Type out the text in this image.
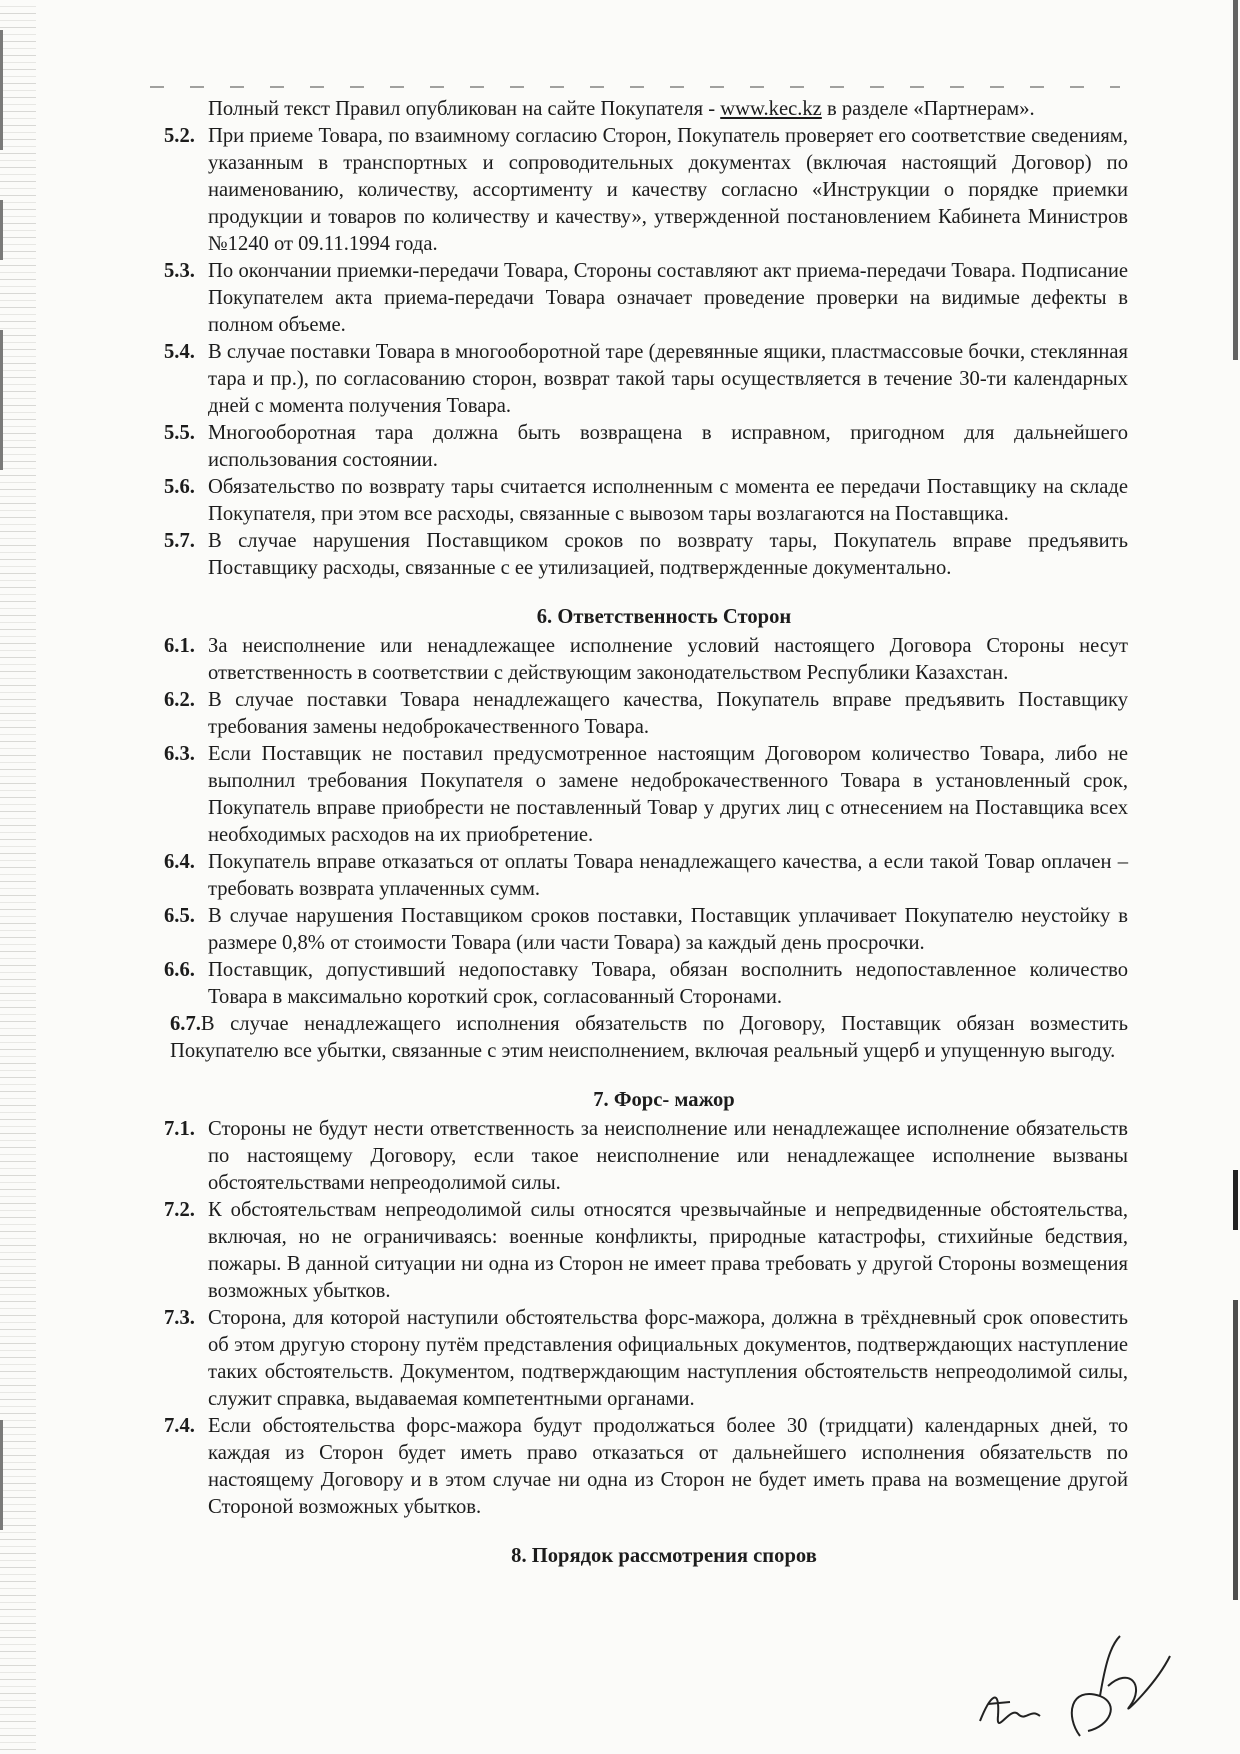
Полный текст Правил опубликован на сайте Покупателя - www.kec.kz в разделе «Партнерам».
5.2. При приеме Товара, по взаимному согласию Сторон, Покупатель проверяет его соответствие сведениям, указанным в транспортных и сопроводительных документах (включая настоящий Договор) по наименованию, количеству, ассортименту и качеству согласно «Инструкции о порядке приемки продукции и товаров по количеству и качеству», утвержденной постановлением Кабинета Министров №1240 от 09.11.1994 года.
5.3. По окончании приемки-передачи Товара, Стороны составляют акт приема-передачи Товара. Подписание Покупателем акта приема-передачи Товара означает проведение проверки на видимые дефекты в полном объеме.
5.4. В случае поставки Товара в многооборотной таре (деревянные ящики, пластмассовые бочки, стеклянная тара и пр.), по согласованию сторон, возврат такой тары осуществляется в течение 30-ти календарных дней с момента получения Товара.
5.5. Многооборотная тара должна быть возвращена в исправном, пригодном для дальнейшего использования состоянии.
5.6. Обязательство по возврату тары считается исполненным с момента ее передачи Поставщику на складе Покупателя, при этом все расходы, связанные с вывозом тары возлагаются на Поставщика.
5.7. В случае нарушения Поставщиком сроков по возврату тары, Покупатель вправе предъявить Поставщику расходы, связанные с ее утилизацией, подтвержденные документально.
6. Ответственность Сторон
6.1. За неисполнение или ненадлежащее исполнение условий настоящего Договора Стороны несут ответственность в соответствии с действующим законодательством Республики Казахстан.
6.2. В случае поставки Товара ненадлежащего качества, Покупатель вправе предъявить Поставщику требования замены недоброкачественного Товара.
6.3. Если Поставщик не поставил предусмотренное настоящим Договором количество Товара, либо не выполнил требования Покупателя о замене недоброкачественного Товара в установленный срок, Покупатель вправе приобрести не поставленный Товар у других лиц с отнесением на Поставщика всех необходимых расходов на их приобретение.
6.4. Покупатель вправе отказаться от оплаты Товара ненадлежащего качества, а если такой Товар оплачен – требовать возврата уплаченных сумм.
6.5. В случае нарушения Поставщиком сроков поставки, Поставщик уплачивает Покупателю неустойку в размере 0,8% от стоимости Товара (или части Товара) за каждый день просрочки.
6.6. Поставщик, допустивший недопоставку Товара, обязан восполнить недопоставленное количество Товара в максимально короткий срок, согласованный Сторонами.
6.7.В случае ненадлежащего исполнения обязательств по Договору, Поставщик обязан возместить Покупателю все убытки, связанные с этим неисполнением, включая реальный ущерб и упущенную выгоду.
7. Форс- мажор
7.1. Стороны не будут нести ответственность за неисполнение или ненадлежащее исполнение обязательств по настоящему Договору, если такое неисполнение или ненадлежащее исполнение вызваны обстоятельствами непреодолимой силы.
7.2. К обстоятельствам непреодолимой силы относятся чрезвычайные и непредвиденные обстоятельства, включая, но не ограничиваясь: военные конфликты, природные катастрофы, стихийные бедствия, пожары. В данной ситуации ни одна из Сторон не имеет права требовать у другой Стороны возмещения возможных убытков.
7.3. Сторона, для которой наступили обстоятельства форс-мажора, должна в трёхдневный срок оповестить об этом другую сторону путём представления официальных документов, подтверждающих наступление таких обстоятельств. Документом, подтверждающим наступления обстоятельств непреодолимой силы, служит справка, выдаваемая компетентными органами.
7.4. Если обстоятельства форс-мажора будут продолжаться более 30 (тридцати) календарных дней, то каждая из Сторон будет иметь право отказаться от дальнейшего исполнения обязательств по настоящему Договору и в этом случае ни одна из Сторон не будет иметь права на возмещение другой Стороной возможных убытков.
8. Порядок рассмотрения споров
